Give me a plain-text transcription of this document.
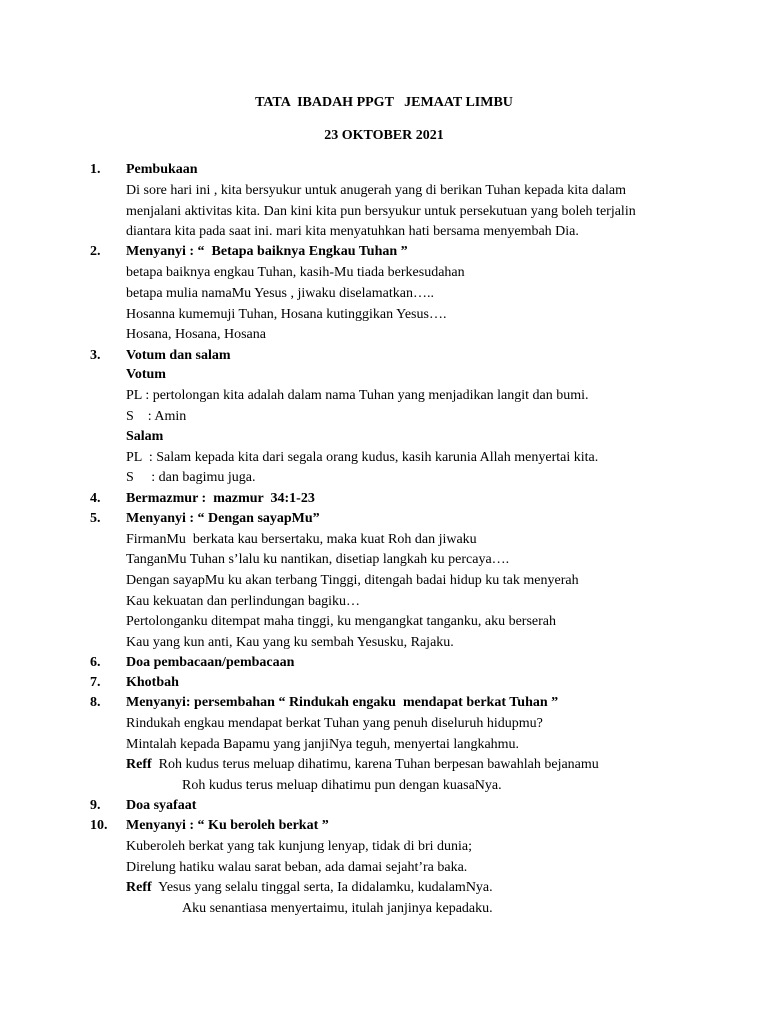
TATA  IBADAH PPGT   JEMAAT LIMBU
23 OKTOBER 2021
1. Pembukaan
Di sore hari ini , kita bersyukur untuk anugerah yang di berikan Tuhan kepada kita dalam
menjalani aktivitas kita. Dan kini kita pun bersyukur untuk persekutuan yang boleh terjalin
diantara kita pada saat ini. mari kita menyatuhkan hati bersama menyembah Dia.
2. Menyanyi : “  Betapa baiknya Engkau Tuhan ”
betapa baiknya engkau Tuhan, kasih-Mu tiada berkesudahan
betapa mulia namaMu Yesus , jiwaku diselamatkan…..
Hosanna kumemuji Tuhan, Hosana kutinggikan Yesus….
Hosana, Hosana, Hosana
3. Votum dan salam
Votum
PL : pertolongan kita adalah dalam nama Tuhan yang menjadikan langit dan bumi.
S    : Amin
Salam
PL  : Salam kepada kita dari segala orang kudus, kasih karunia Allah menyertai kita.
S     : dan bagimu juga.
4. Bermazmur :  mazmur  34:1-23
5. Menyanyi : “ Dengan sayapMu”
FirmanMu  berkata kau bersertaku, maka kuat Roh dan jiwaku
TanganMu Tuhan s’lalu ku nantikan, disetiap langkah ku percaya….
Dengan sayapMu ku akan terbang Tinggi, ditengah badai hidup ku tak menyerah
Kau kekuatan dan perlindungan bagiku…
Pertolonganku ditempat maha tinggi, ku mengangkat tanganku, aku berserah
Kau yang kun anti, Kau yang ku sembah Yesusku, Rajaku.
6. Doa pembacaan/pembacaan
7. Khotbah
8. Menyanyi: persembahan “ Rindukah engaku  mendapat berkat Tuhan ”
Rindukah engkau mendapat berkat Tuhan yang penuh diseluruh hidupmu?
Mintalah kepada Bapamu yang janjiNya teguh, menyertai langkahmu.
Reff  Roh kudus terus meluap dihatimu, karena Tuhan berpesan bawahlah bejanamu
Roh kudus terus meluap dihatimu pun dengan kuasaNya.
9. Doa syafaat
10. Menyanyi : “ Ku beroleh berkat ”
Kuberoleh berkat yang tak kunjung lenyap, tidak di bri dunia;
Direlung hatiku walau sarat beban, ada damai sejaht’ra baka.
Reff  Yesus yang selalu tinggal serta, Ia didalamku, kudalamNya.
Aku senantiasa menyertaimu, itulah janjinya kepadaku.
